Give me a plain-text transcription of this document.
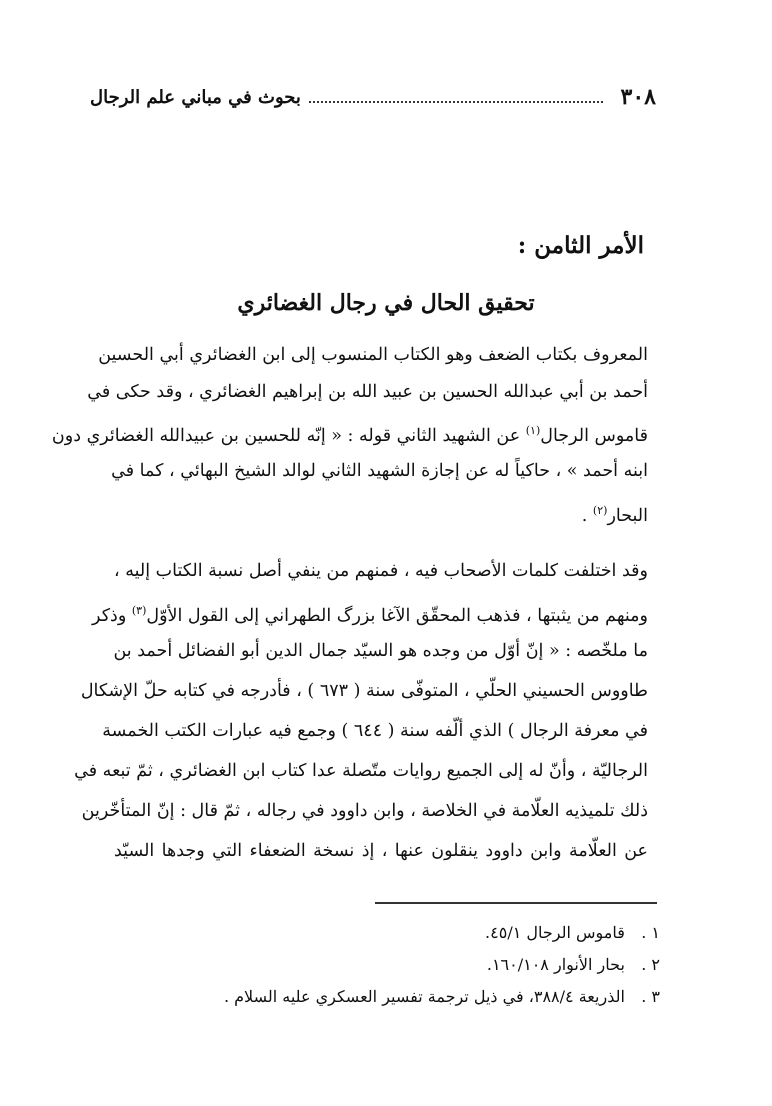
٣٠٨
بحوث في مباني علم الرجال
الأمر الثامن :
تحقيق الحال في رجال الغضائري
المعروف بكتاب الضعف وهو الكتاب المنسوب إلى ابن الغضائري أبي الحسين
أحمد بن أبي عبدالله الحسين بن عبيد الله بن إبراهيم الغضائري ، وقد حكى في
قاموس الرجال$^{(١)}$ عن الشهيد الثاني قوله : « إنّه للحسين بن عبيدالله الغضائري دون
ابنه أحمد » ، حاكياً له عن إجازة الشهيد الثاني لوالد الشيخ البهائي ، كما في
البحار$^{(٢)}$ .
وقد اختلفت كلمات الأصحاب فيه ، فمنهم من ينفي أصل نسبة الكتاب إليه ،
ومنهم من يثبتها ، فذهب المحقّق الآغا بزرگ الطهراني إلى القول الأوّل$^{(٣)}$ وذكر
ما ملخّصه : « إنّ أوّل من وجده هو السيّد جمال الدين أبو الفضائل أحمد بن
طاووس الحسيني الحلّي ، المتوفّى سنة ( ٦٧٣ ) ، فأدرجه في كتابه حلّ الإشكال
في معرفة الرجال ) الذي ألّفه سنة ( ٦٤٤ ) وجمع فيه عبارات الكتب الخمسة
الرجاليّة ، وأنّ له إلى الجميع روايات متّصلة عدا كتاب ابن الغضائري ، ثمّ تبعه في
ذلك تلميذيه العلّامة في الخلاصة ، وابن داوود في رجاله ، ثمّ قال : إنّ المتأخّرين
عن العلّامة وابن داوود ينقلون عنها ، إذ نسخة الضعفاء التي وجدها السيّد
١ . قاموس الرجال ٤٥/١.
٢ . بحار الأنوار ١٦٠/١٠٨.
٣ . الذريعة ٣٨٨/٤، في ذيل ترجمة تفسير العسكري عليه السلام .
